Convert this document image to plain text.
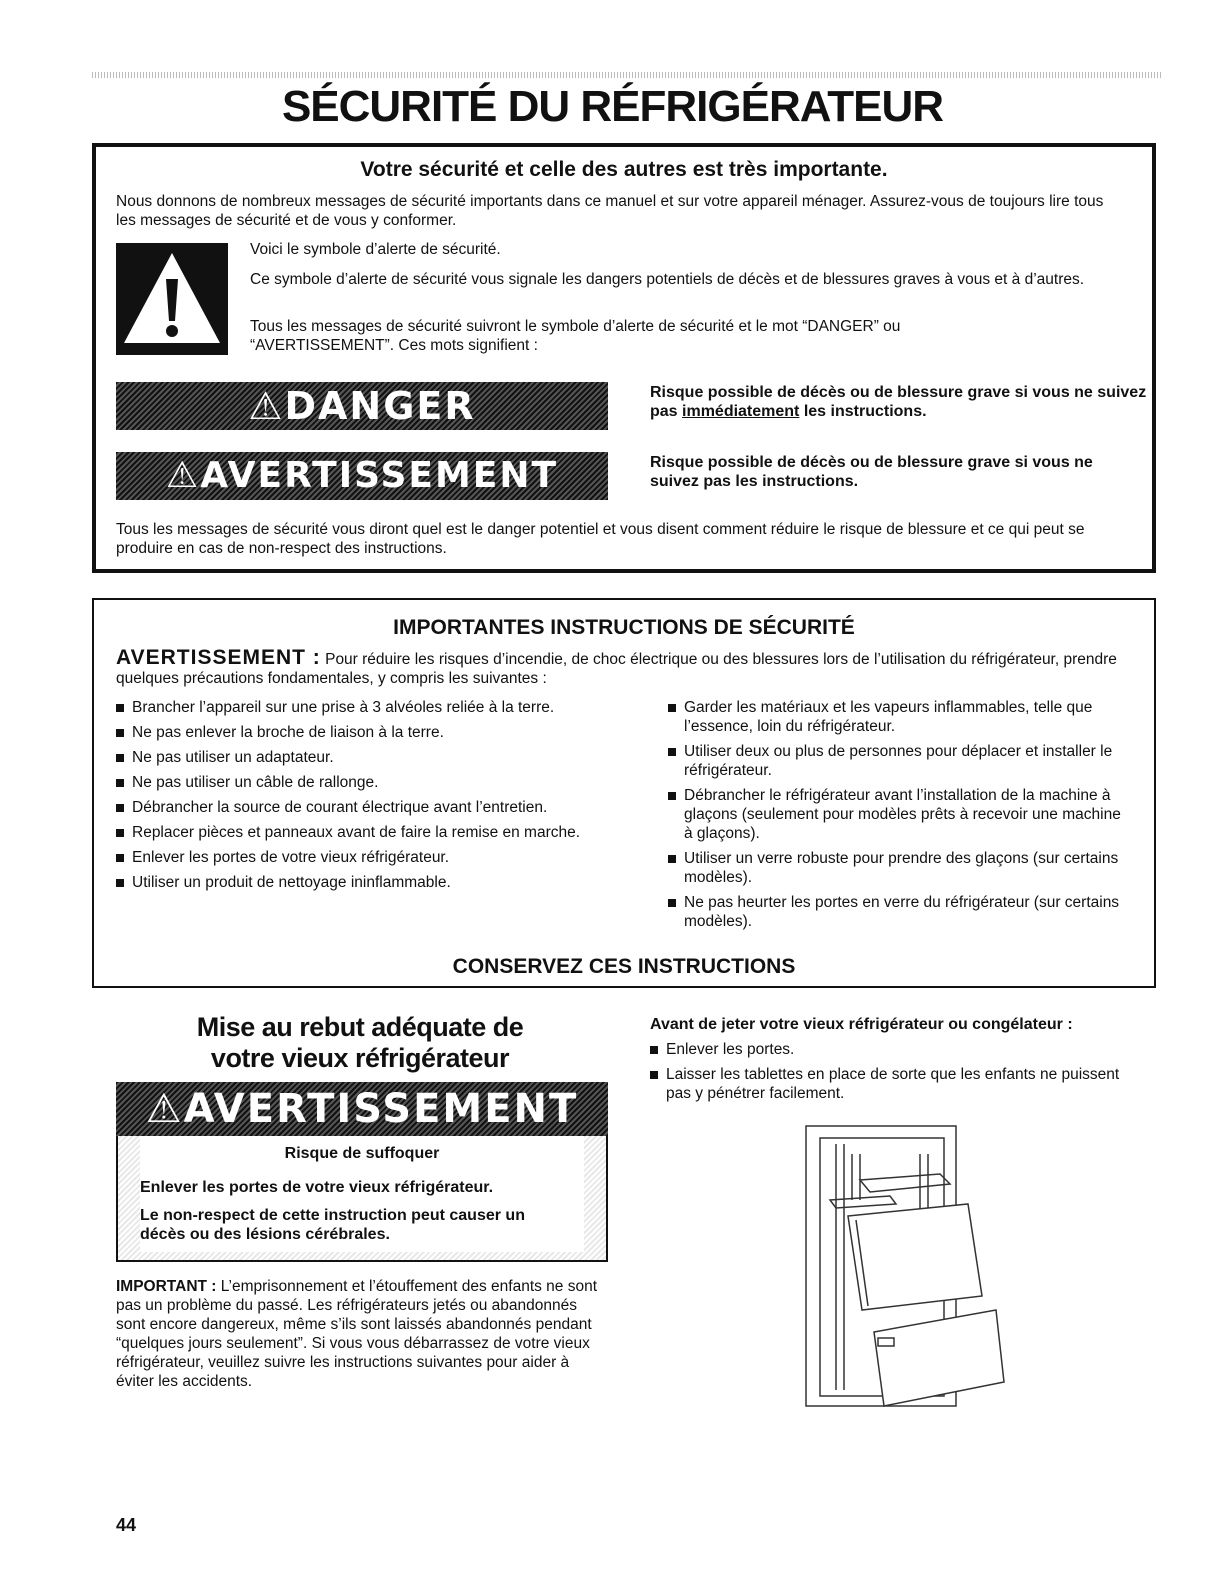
SÉCURITÉ DU RÉFRIGÉRATEUR
Votre sécurité et celle des autres est très importante.
Nous donnons de nombreux messages de sécurité importants dans ce manuel et sur votre appareil ménager. Assurez-vous de toujours lire tous les messages de sécurité et de vous y conformer.
Voici le symbole d’alerte de sécurité.
Ce symbole d’alerte de sécurité vous signale les dangers potentiels de décès et de blessures graves à vous et à d’autres.
Tous les messages de sécurité suivront le symbole d’alerte de sécurité et le mot “DANGER” ou “AVERTISSEMENT”. Ces mots signifient :
⚠DANGER	Risque possible de décès ou de blessure grave si vous ne suivez pas immédiatement les instructions.
⚠AVERTISSEMENT	Risque possible de décès ou de blessure grave si vous ne suivez pas les instructions.
Tous les messages de sécurité vous diront quel est le danger potentiel et vous disent comment réduire le risque de blessure et ce qui peut se produire en cas de non-respect des instructions.
IMPORTANTES INSTRUCTIONS DE SÉCURITÉ
AVERTISSEMENT : Pour réduire les risques d’incendie, de choc électrique ou des blessures lors de l’utilisation du réfrigérateur, prendre quelques précautions fondamentales, y compris les suivantes :
Brancher l’appareil sur une prise à 3 alvéoles reliée à la terre.
Ne pas enlever la broche de liaison à la terre.
Ne pas utiliser un adaptateur.
Ne pas utiliser un câble de rallonge.
Débrancher la source de courant électrique avant l’entretien.
Replacer pièces et panneaux avant de faire la remise en marche.
Enlever les portes de votre vieux réfrigérateur.
Utiliser un produit de nettoyage ininflammable.
Garder les matériaux et les vapeurs inflammables, telle que l’essence, loin du réfrigérateur.
Utiliser deux ou plus de personnes pour déplacer et installer le réfrigérateur.
Débrancher le réfrigérateur avant l’installation de la machine à glaçons (seulement pour modèles prêts à recevoir une machine à glaçons).
Utiliser un verre robuste pour prendre des glaçons (sur certains modèles).
Ne pas heurter les portes en verre du réfrigérateur (sur certains modèles).
CONSERVEZ CES INSTRUCTIONS
Mise au rebut adéquate de
votre vieux réfrigérateur
⚠AVERTISSEMENT
Risque de suffoquer
Enlever les portes de votre vieux réfrigérateur.
Le non-respect de cette instruction peut causer un décès ou des lésions cérébrales.
IMPORTANT : L’emprisonnement et l’étouffement des enfants ne sont pas un problème du passé. Les réfrigérateurs jetés ou abandonnés sont encore dangereux, même s’ils sont laissés abandonnés pendant “quelques jours seulement”. Si vous vous débarrassez de votre vieux réfrigérateur, veuillez suivre les instructions suivantes pour aider à éviter les accidents.
Avant de jeter votre vieux réfrigérateur ou congélateur :
Enlever les portes.
Laisser les tablettes en place de sorte que les enfants ne puissent pas y pénétrer facilement.
44
